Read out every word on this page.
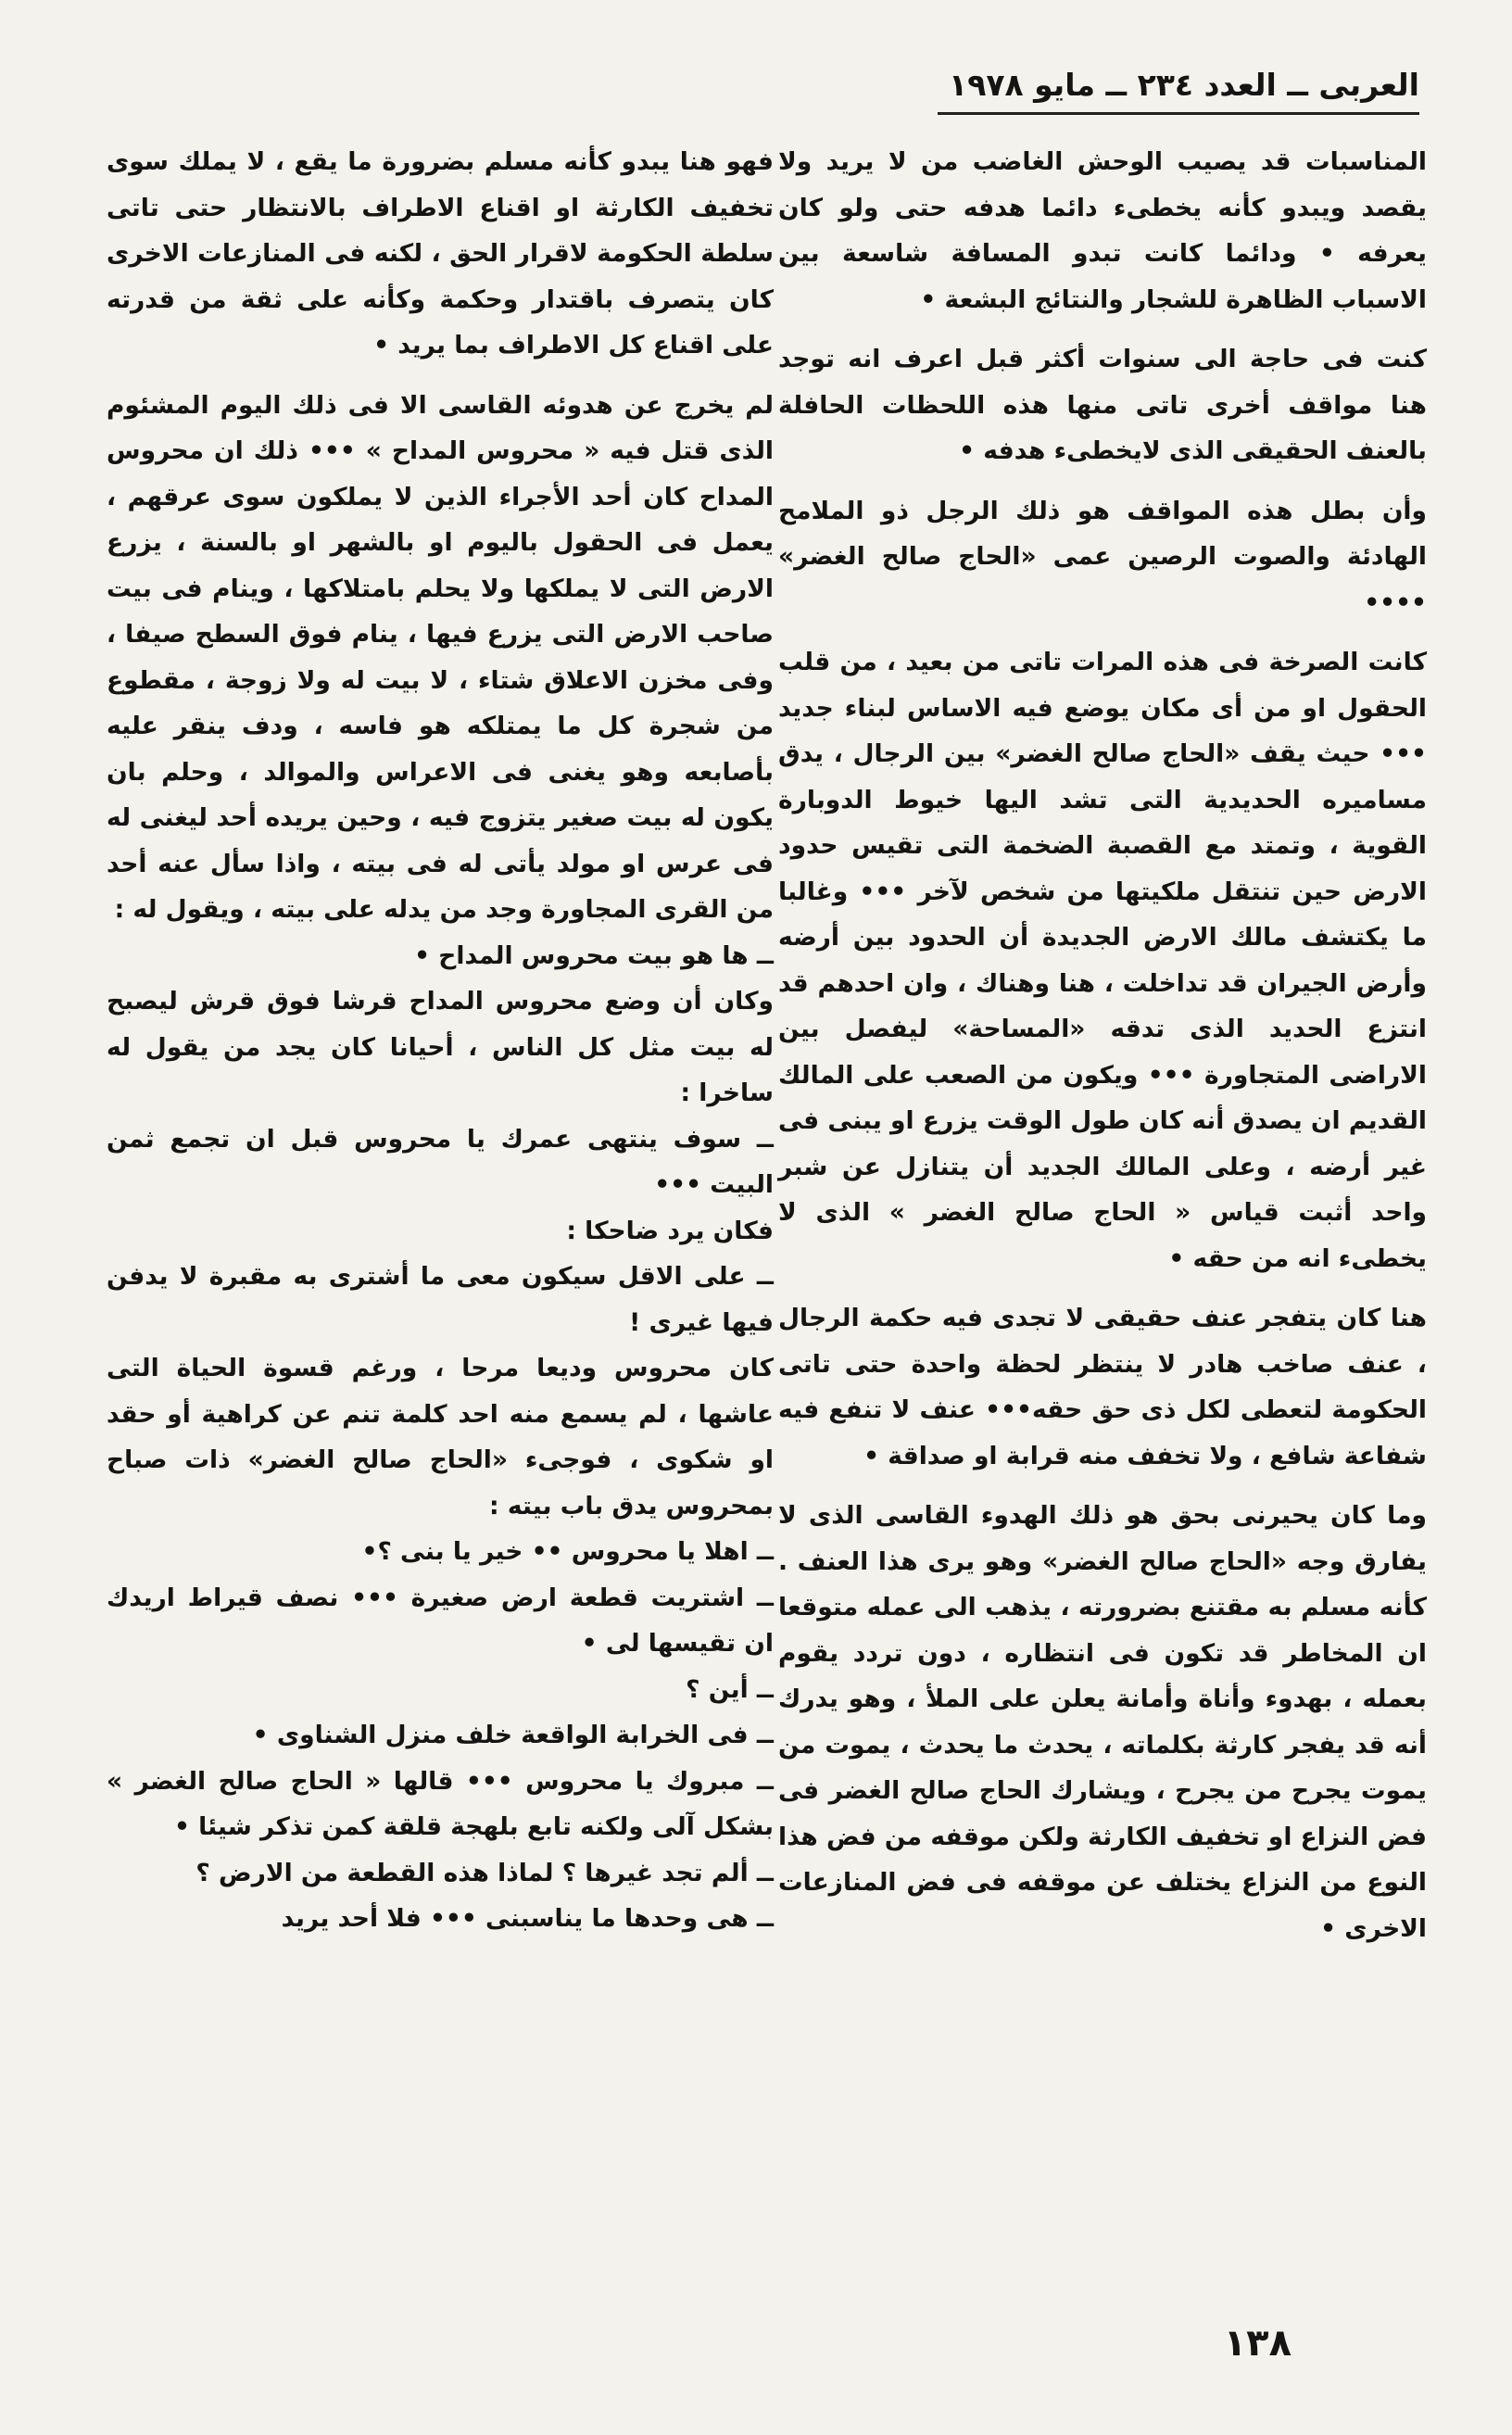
العربى ــ العدد ٢٣٤ ــ مايو ١٩٧٨

المناسبات قد يصيب الوحش الغاضب من لا يريد ولا يقصد ويبدو كأنه يخطىء دائما هدفه حتى ولو كان يعرفه • ودائما كانت تبدو المسافة شاسعة بين الاسباب الظاهرة للشجار والنتائج البشعة •

كنت فى حاجة الى سنوات أكثر قبل اعرف انه توجد هنا مواقف أخرى تاتى منها هذه اللحظات الحافلة بالعنف الحقيقى الذى لايخطىء هدفه •

وأن بطل هذه المواقف هو ذلك الرجل ذو الملامح الهادئة والصوت الرصين عمى «الحاج صالح الغضر» ••••

كانت الصرخة فى هذه المرات تاتى من بعيد ، من قلب الحقول او من أى مكان يوضع فيه الاساس لبناء جديد ••• حيث يقف «الحاج صالح الغضر» بين الرجال ، يدق مساميره الحديدية التى تشد اليها خيوط الدوبارة القوية ، وتمتد مع القصبة الضخمة التى تقيس حدود الارض حين تنتقل ملكيتها من شخص لآخر ••• وغالبا ما يكتشف مالك الارض الجديدة أن الحدود بين أرضه وأرض الجيران قد تداخلت ، هنا وهناك ، وان احدهم قد انتزع الحديد الذى تدقه «المساحة» ليفصل بين الاراضى المتجاورة ••• ويكون من الصعب على المالك القديم ان يصدق أنه كان طول الوقت يزرع او يبنى فى غير أرضه ، وعلى المالك الجديد أن يتنازل عن شبر واحد أثبت قياس « الحاج صالح الغضر » الذى لا يخطىء انه من حقه •

هنا كان يتفجر عنف حقيقى لا تجدى فيه حكمة الرجال ، عنف صاخب هادر لا ينتظر لحظة واحدة حتى تاتى الحكومة لتعطى لكل ذى حق حقه••• عنف لا تنفع فيه شفاعة شافع ، ولا تخفف منه قرابة او صداقة •

وما كان يحيرنى بحق هو ذلك الهدوء القاسى الذى لا يفارق وجه «الحاج صالح الغضر» وهو يرى هذا العنف . كأنه مسلم به مقتنع بضرورته ، يذهب الى عمله متوقعا ان المخاطر قد تكون فى انتظاره ، دون تردد يقوم بعمله ، بهدوء وأناة وأمانة يعلن على الملأ ، وهو يدرك أنه قد يفجر كارثة بكلماته ، يحدث ما يحدث ، يموت من يموت يجرح من يجرح ، ويشارك الحاج صالح الغضر فى فض النزاع او تخفيف الكارثة ولكن موقفه من فض هذا النوع من النزاع يختلف عن موقفه فى فض المنازعات الاخرى •

فهو هنا يبدو كأنه مسلم بضرورة ما يقع ، لا يملك سوى تخفيف الكارثة او اقناع الاطراف بالانتظار حتى تاتى سلطة الحكومة لاقرار الحق ، لكنه فى المنازعات الاخرى كان يتصرف باقتدار وحكمة وكأنه على ثقة من قدرته على اقناع كل الاطراف بما يريد •

لم يخرج عن هدوئه القاسى الا فى ذلك اليوم المشئوم الذى قتل فيه « محروس المداح » ••• ذلك ان محروس المداح كان أحد الأجراء الذين لا يملكون سوى عرقهم ، يعمل فى الحقول باليوم او بالشهر او بالسنة ، يزرع الارض التى لا يملكها ولا يحلم بامتلاكها ، وينام فى بيت صاحب الارض التى يزرع فيها ، ينام فوق السطح صيفا ، وفى مخزن الاعلاق شتاء ، لا بيت له ولا زوجة ، مقطوع من شجرة كل ما يمتلكه هو فاسه ، ودف ينقر عليه بأصابعه وهو يغنى فى الاعراس والموالد ، وحلم بان يكون له بيت صغير يتزوج فيه ، وحين يريده أحد ليغنى له فى عرس او مولد يأتى له فى بيته ، واذا سأل عنه أحد من القرى المجاورة وجد من يدله على بيته ، ويقول له :

ــ ها هو بيت محروس المداح •

وكان أن وضع محروس المداح قرشا فوق قرش ليصبح له بيت مثل كل الناس ، أحيانا كان يجد من يقول له ساخرا :

ــ سوف ينتهى عمرك يا محروس قبل ان تجمع ثمن البيت •••

فكان يرد ضاحكا :

ــ على الاقل سيكون معى ما أشترى به مقبرة لا يدفن فيها غيرى !

كان محروس وديعا مرحا ، ورغم قسوة الحياة التى عاشها ، لم يسمع منه احد كلمة تنم عن كراهية أو حقد او شكوى ، فوجىء «الحاج صالح الغضر» ذات صباح بمحروس يدق باب بيته :

ــ اهلا يا محروس •• خير يا بنى ؟•

ــ اشتريت قطعة ارض صغيرة ••• نصف قيراط اريدك ان تقيسها لى •

ــ أين ؟

ــ فى الخرابة الواقعة خلف منزل الشناوى •

ــ مبروك يا محروس ••• قالها « الحاج صالح الغضر » بشكل آلى ولكنه تابع بلهجة قلقة كمن تذكر شيئا •

ــ ألم تجد غيرها ؟ لماذا هذه القطعة من الارض ؟

ــ هى وحدها ما يناسبنى ••• فلا أحد يريد

١٣٨
